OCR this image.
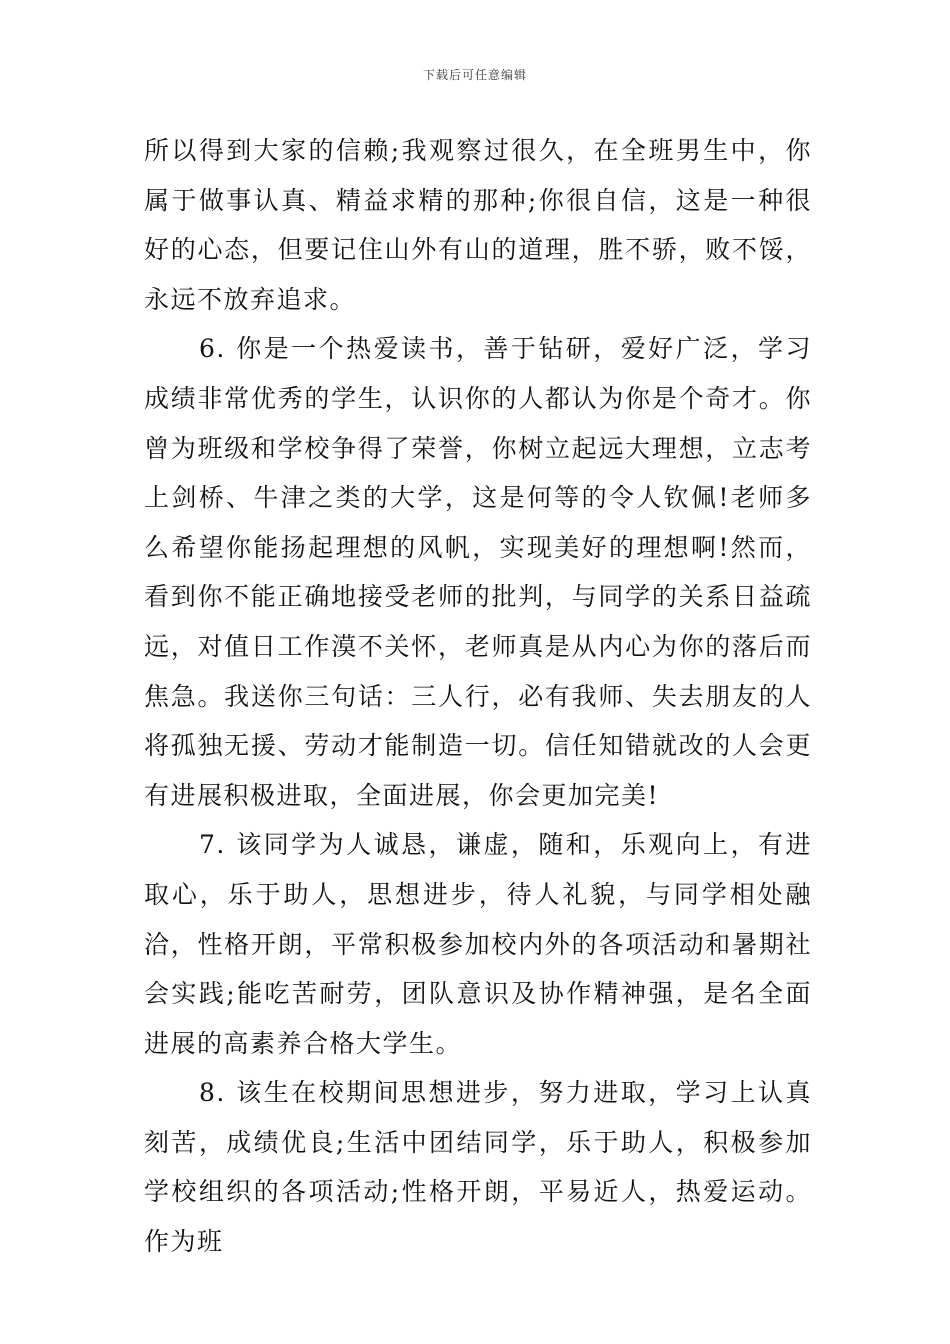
下载后可任意编辑

所以得到大家的信赖;我观察过很久，在全班男生中，你属于做事认真、精益求精的那种;你很自信，这是一种很好的心态，但要记住山外有山的道理，胜不骄，败不馁，永远不放弃追求。

6. 你是一个热爱读书，善于钻研，爱好广泛，学习成绩非常优秀的学生，认识你的人都认为你是个奇才。你曾为班级和学校争得了荣誉，你树立起远大理想，立志考上剑桥、牛津之类的大学，这是何等的令人钦佩!老师多么希望你能扬起理想的风帆，实现美好的理想啊!然而，看到你不能正确地接受老师的批判，与同学的关系日益疏远，对值日工作漠不关怀，老师真是从内心为你的落后而焦急。我送你三句话：三人行，必有我师、失去朋友的人将孤独无援、劳动才能制造一切。信任知错就改的人会更有进展积极进取，全面进展，你会更加完美!

7. 该同学为人诚恳，谦虚，随和，乐观向上，有进取心，乐于助人，思想进步，待人礼貌，与同学相处融洽，性格开朗，平常积极参加校内外的各项活动和暑期社会实践;能吃苦耐劳，团队意识及协作精神强，是名全面进展的高素养合格大学生。

8. 该生在校期间思想进步，努力进取，学习上认真刻苦，成绩优良;生活中团结同学，乐于助人，积极参加学校组织的各项活动;性格开朗，平易近人，热爱运动。作为班
